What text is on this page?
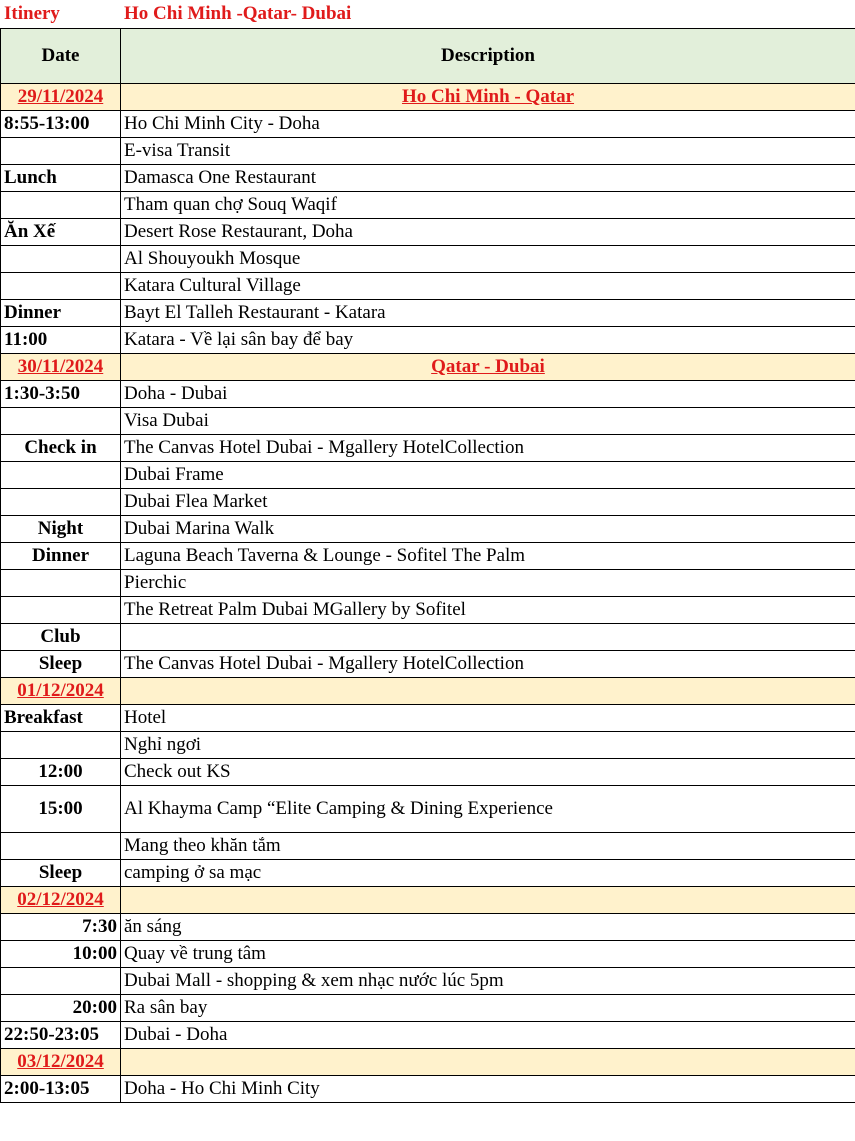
Itinery	Ho Chi Minh -Qatar- Dubai
Date	Description
29/11/2024	Ho Chi Minh - Qatar
8:55-13:00	Ho Chi Minh City - Doha
	E-visa Transit
Lunch	Damasca One Restaurant
	Tham quan chợ Souq Waqif
Ăn Xế	Desert Rose Restaurant, Doha
	Al Shouyoukh Mosque
	Katara Cultural Village
Dinner	Bayt El Talleh Restaurant - Katara
11:00	Katara - Về lại sân bay để bay
30/11/2024	Qatar - Dubai
1:30-3:50	Doha - Dubai
	Visa Dubai
Check in	The Canvas Hotel Dubai - Mgallery HotelCollection
	Dubai Frame
	Dubai Flea Market
Night	Dubai Marina Walk
Dinner	Laguna Beach Taverna & Lounge - Sofitel The Palm
	Pierchic
	The Retreat Palm Dubai MGallery by Sofitel
Club	
Sleep	The Canvas Hotel Dubai - Mgallery HotelCollection
01/12/2024	
Breakfast	Hotel
	Nghỉ ngơi
12:00	Check out KS
15:00	Al Khayma Camp “Elite Camping & Dining Experience
	Mang theo khăn tắm
Sleep	camping ở sa mạc
02/12/2024	
7:30	ăn sáng
10:00	Quay về trung tâm
	Dubai Mall - shopping & xem nhạc nước lúc 5pm
20:00	Ra sân bay
22:50-23:05	Dubai - Doha
03/12/2024	
2:00-13:05	Doha - Ho Chi Minh City
